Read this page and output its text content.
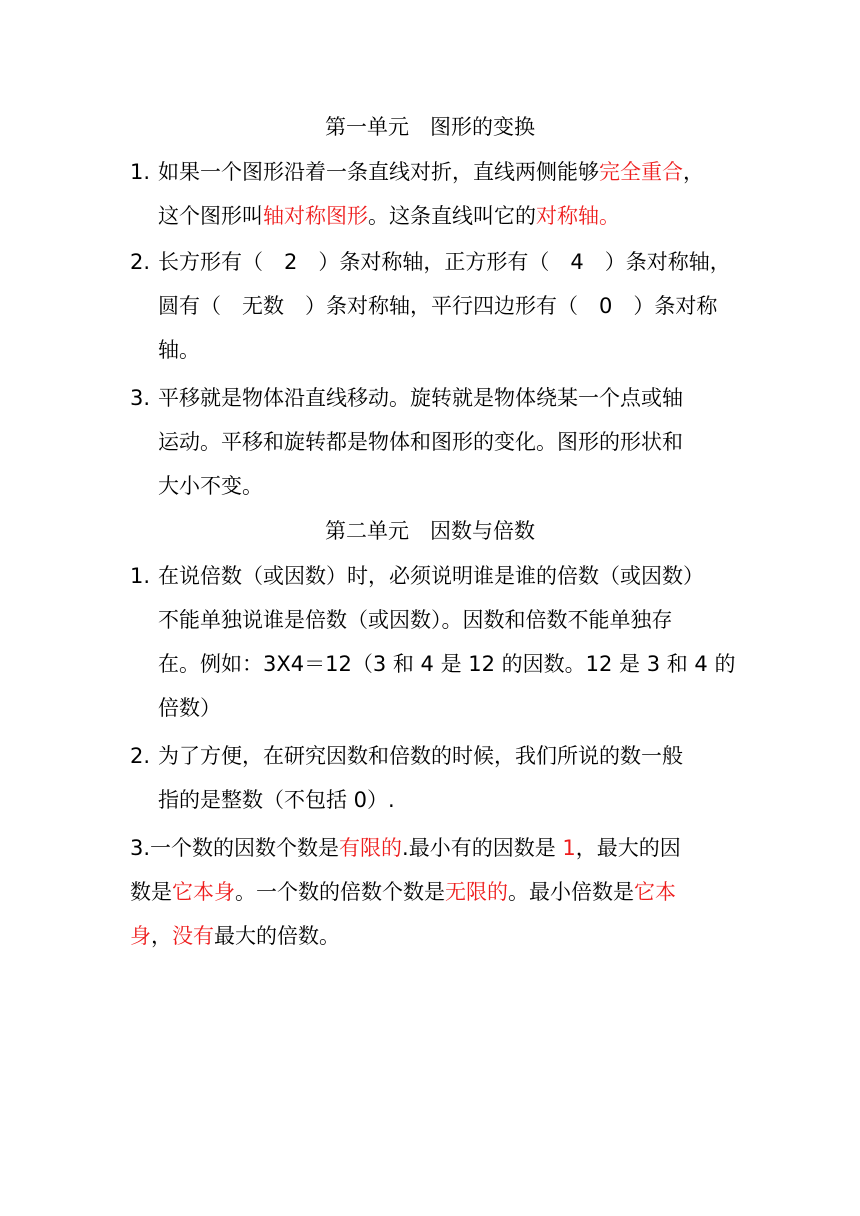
第一单元　图形的变换
1. 如果一个图形沿着一条直线对折，直线两侧能够完全重合，
这个图形叫轴对称图形。这条直线叫它的对称轴。
2. 长方形有（　2　）条对称轴，正方形有（　4　）条对称轴，
圆有（　无数　）条对称轴，平行四边形有（　0　）条对称
轴。
3. 平移就是物体沿直线移动。旋转就是物体绕某一个点或轴
运动。平移和旋转都是物体和图形的变化。图形的形状和
大小不变。
第二单元　因数与倍数
1. 在说倍数（或因数）时，必须说明谁是谁的倍数（或因数）
不能单独说谁是倍数（或因数）。因数和倍数不能单独存
在。例如：3X4＝12（3 和 4 是 12 的因数。12 是 3 和 4 的
倍数）
2. 为了方便，在研究因数和倍数的时候，我们所说的数一般
指的是整数（不包括 0）.
3.一个数的因数个数是有限的.最小有的因数是 1，最大的因
数是它本身。一个数的倍数个数是无限的。最小倍数是它本
身，没有最大的倍数。
